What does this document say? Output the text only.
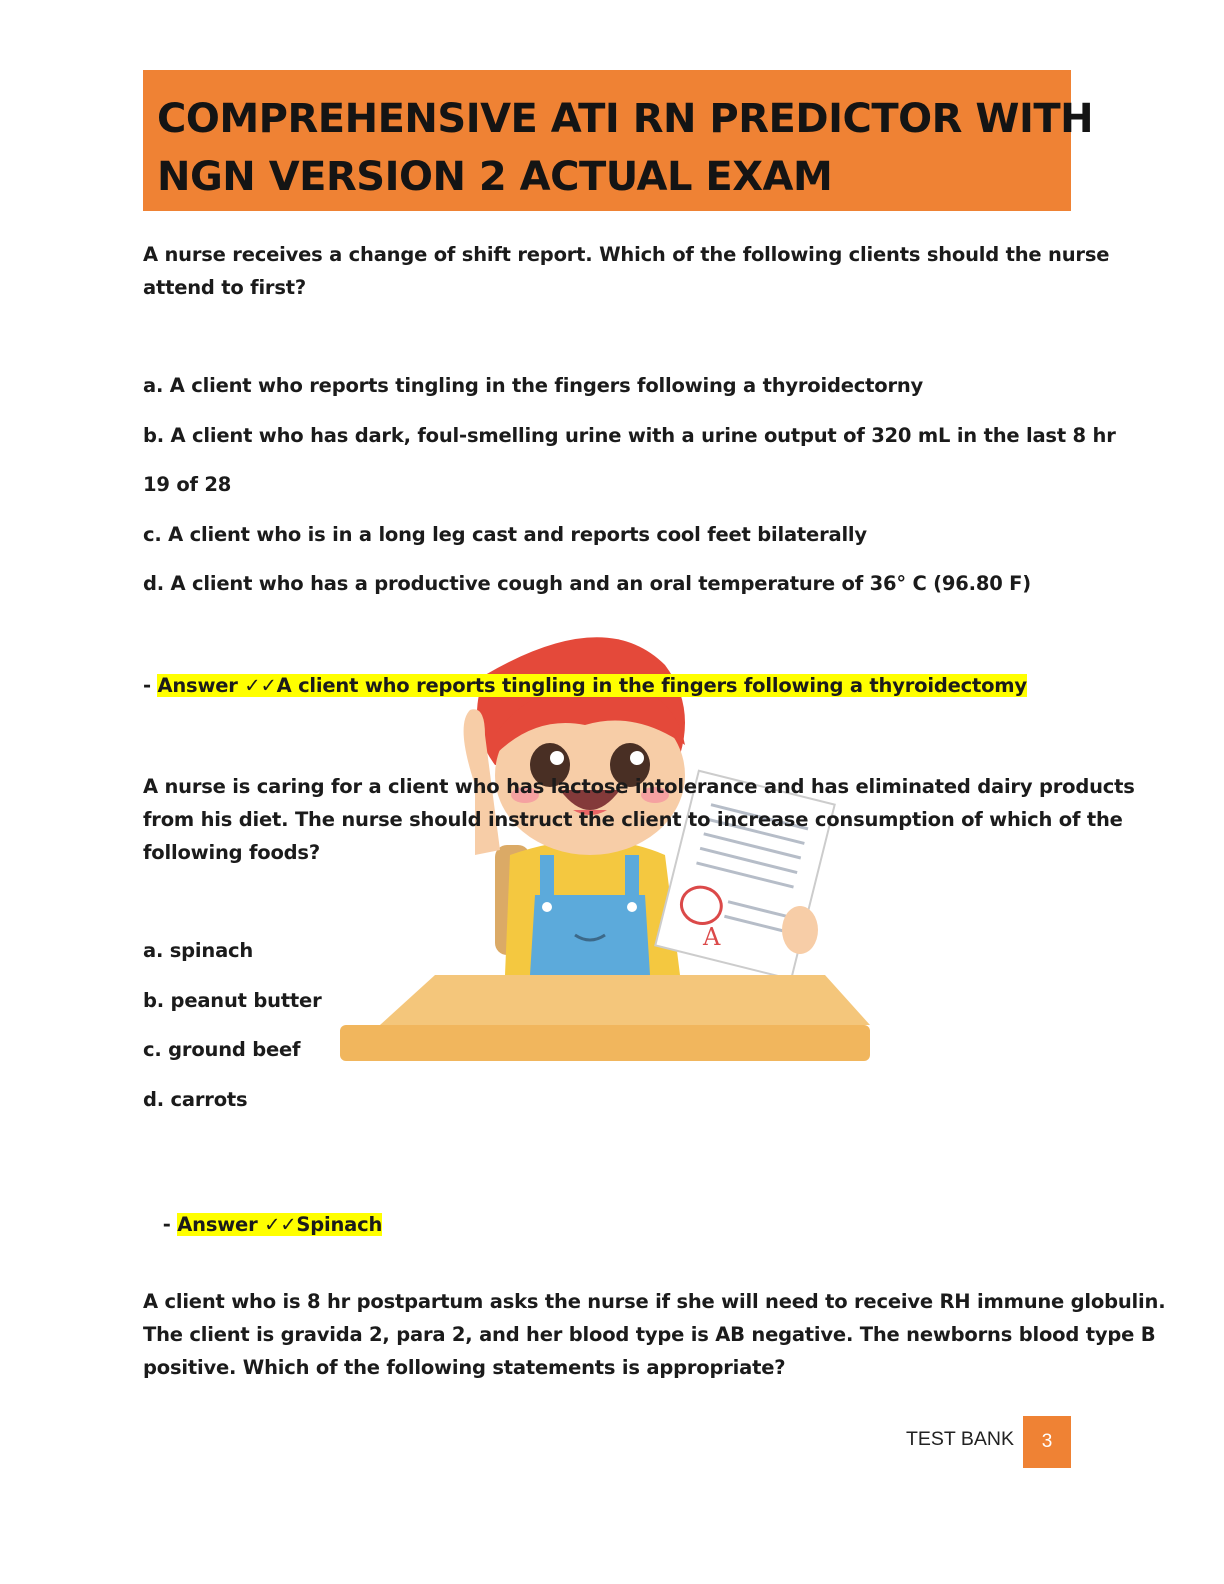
COMPREHENSIVE ATI RN PREDICTOR WITH
NGN VERSION 2 ACTUAL EXAM
A

A nurse receives a change of shift report. Which of the following clients should the nurse

attend to first?

a. A client who reports tingling in the fingers following a thyroidectorny
b. A client who has dark, foul-smelling urine with a urine output of 320 mL in the last 8 hr
19 of 28
c. A client who is in a long leg cast and reports cool feet bilaterally
d. A client who has a productive cough and an oral temperature of 36° C (96.80 F)
- Answer ✓✓A client who reports tingling in the fingers following a thyroidectomy

A nurse is caring for a client who has lactose intolerance and has eliminated dairy products

from his diet. The nurse should instruct the client to increase consumption of which of the

following foods?

a. spinach
b. peanut butter
c. ground beef
d. carrots

- Answer ✓✓Spinach

A client who is 8 hr postpartum asks the nurse if she will need to receive RH immune globulin.

The client is gravida 2, para 2, and her blood type is AB negative. The newborns blood type B

positive. Which of the following statements is appropriate?

TEST BANK	3
